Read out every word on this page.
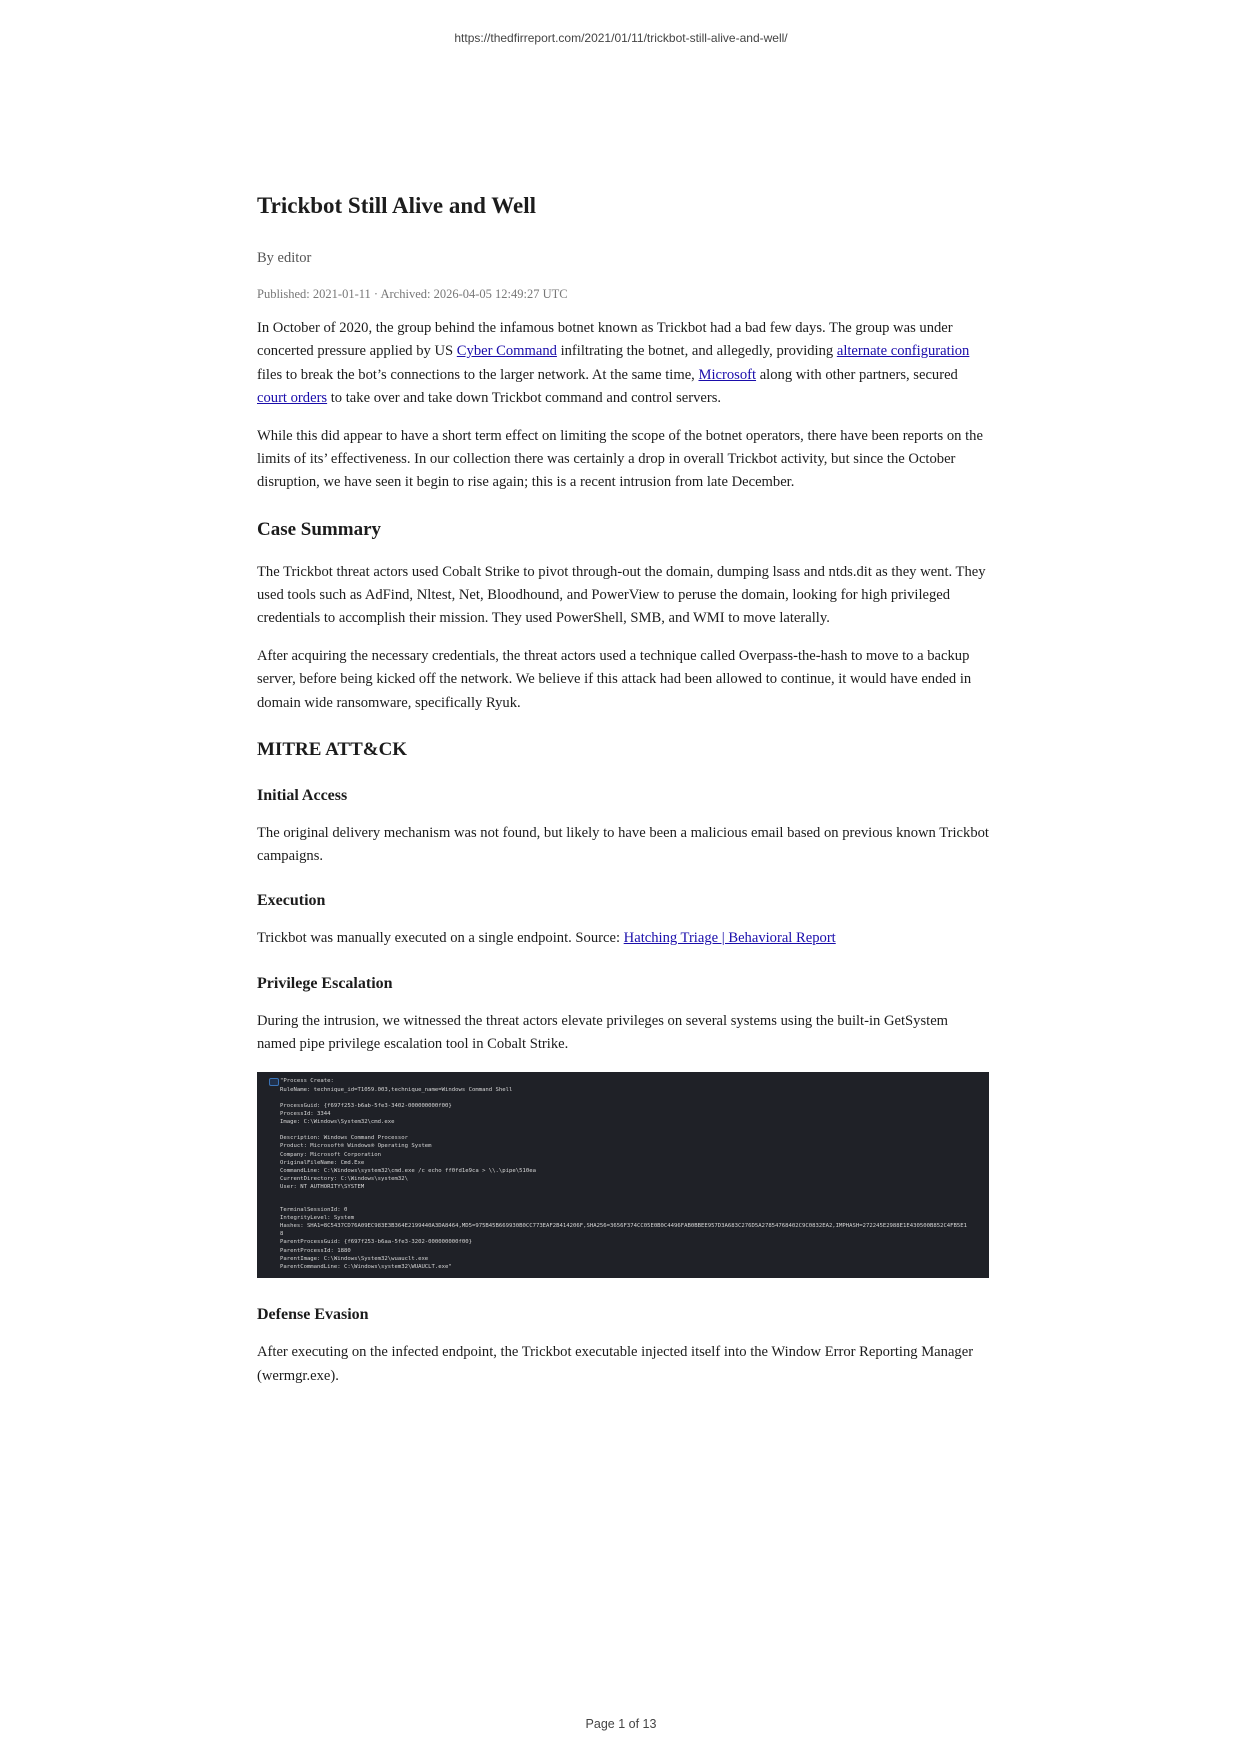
https://thedfirreport.com/2021/01/11/trickbot-still-alive-and-well/
Trickbot Still Alive and Well
By editor
Published: 2021-01-11 · Archived: 2026-04-05 12:49:27 UTC

In October of 2020, the group behind the infamous botnet known as Trickbot had a bad few days. The group was under concerted pressure applied by US Cyber Command infiltrating the botnet, and allegedly, providing alternate configuration files to break the bot’s connections to the larger network. At the same time, Microsoft along with other partners, secured court orders to take over and take down Trickbot command and control servers.

While this did appear to have a short term effect on limiting the scope of the botnet operators, there have been reports on the limits of its’ effectiveness. In our collection there was certainly a drop in overall Trickbot activity, but since the October disruption, we have seen it begin to rise again; this is a recent intrusion from late December.

Case Summary

The Trickbot threat actors used Cobalt Strike to pivot through-out the domain, dumping lsass and ntds.dit as they went. They used tools such as AdFind, Nltest, Net, Bloodhound, and PowerView to peruse the domain, looking for high privileged credentials to accomplish their mission. They used PowerShell, SMB, and WMI to move laterally.

After acquiring the necessary credentials, the threat actors used a technique called Overpass-the-hash to move to a backup server, before being kicked off the network. We believe if this attack had been allowed to continue, it would have ended in domain wide ransomware, specifically Ryuk.

MITRE ATT&CK
Initial Access

The original delivery mechanism was not found, but likely to have been a malicious email based on previous known Trickbot campaigns.

Execution

Trickbot was manually executed on a single endpoint. Source: Hatching Triage | Behavioral Report

Privilege Escalation

During the intrusion, we witnessed the threat actors elevate privileges on several systems using the built-in GetSystem named pipe privilege escalation tool in Cobalt Strike.

"Process Create:
RuleName: technique_id=T1059.003,technique_name=Windows Command Shell
ProcessGuid: {f697f253-b6ab-5fe3-3402-000000000f00}
ProcessId: 3344
Image: C:\Windows\System32\cmd.exe
Description: Windows Command Processor
Product: Microsoft® Windows® Operating System
Company: Microsoft Corporation
OriginalFileName: Cmd.Exe
CommandLine: C:\Windows\system32\cmd.exe /c echo ff0fd1e9ca > \\.\pipe\510ea
CurrentDirectory: C:\Windows\system32\
User: NT AUTHORITY\SYSTEM
TerminalSessionId: 0
IntegrityLevel: System
Hashes: SHA1=8C5437CD76A09EC983E3B364E2199440A3DA8464,MD5=975B45B669930B0CC773EAF2B414206F,SHA256=3656F374CC05E0B0C4496FAB0BBEE957D3A683C276D5A27854768402C9C0832EA2,IMPHASH=272245E2988E1E430500B852C4FB5E1
8
ParentProcessGuid: {f697f253-b6aa-5fe3-3202-000000000f00}
ParentProcessId: 1880
ParentImage: C:\Windows\System32\wuauclt.exe
ParentCommandLine: C:\Windows\system32\WUAUCLT.exe"
Defense Evasion

After executing on the infected endpoint, the Trickbot executable injected itself into the Window Error Reporting Manager (wermgr.exe).

Page 1 of 13
